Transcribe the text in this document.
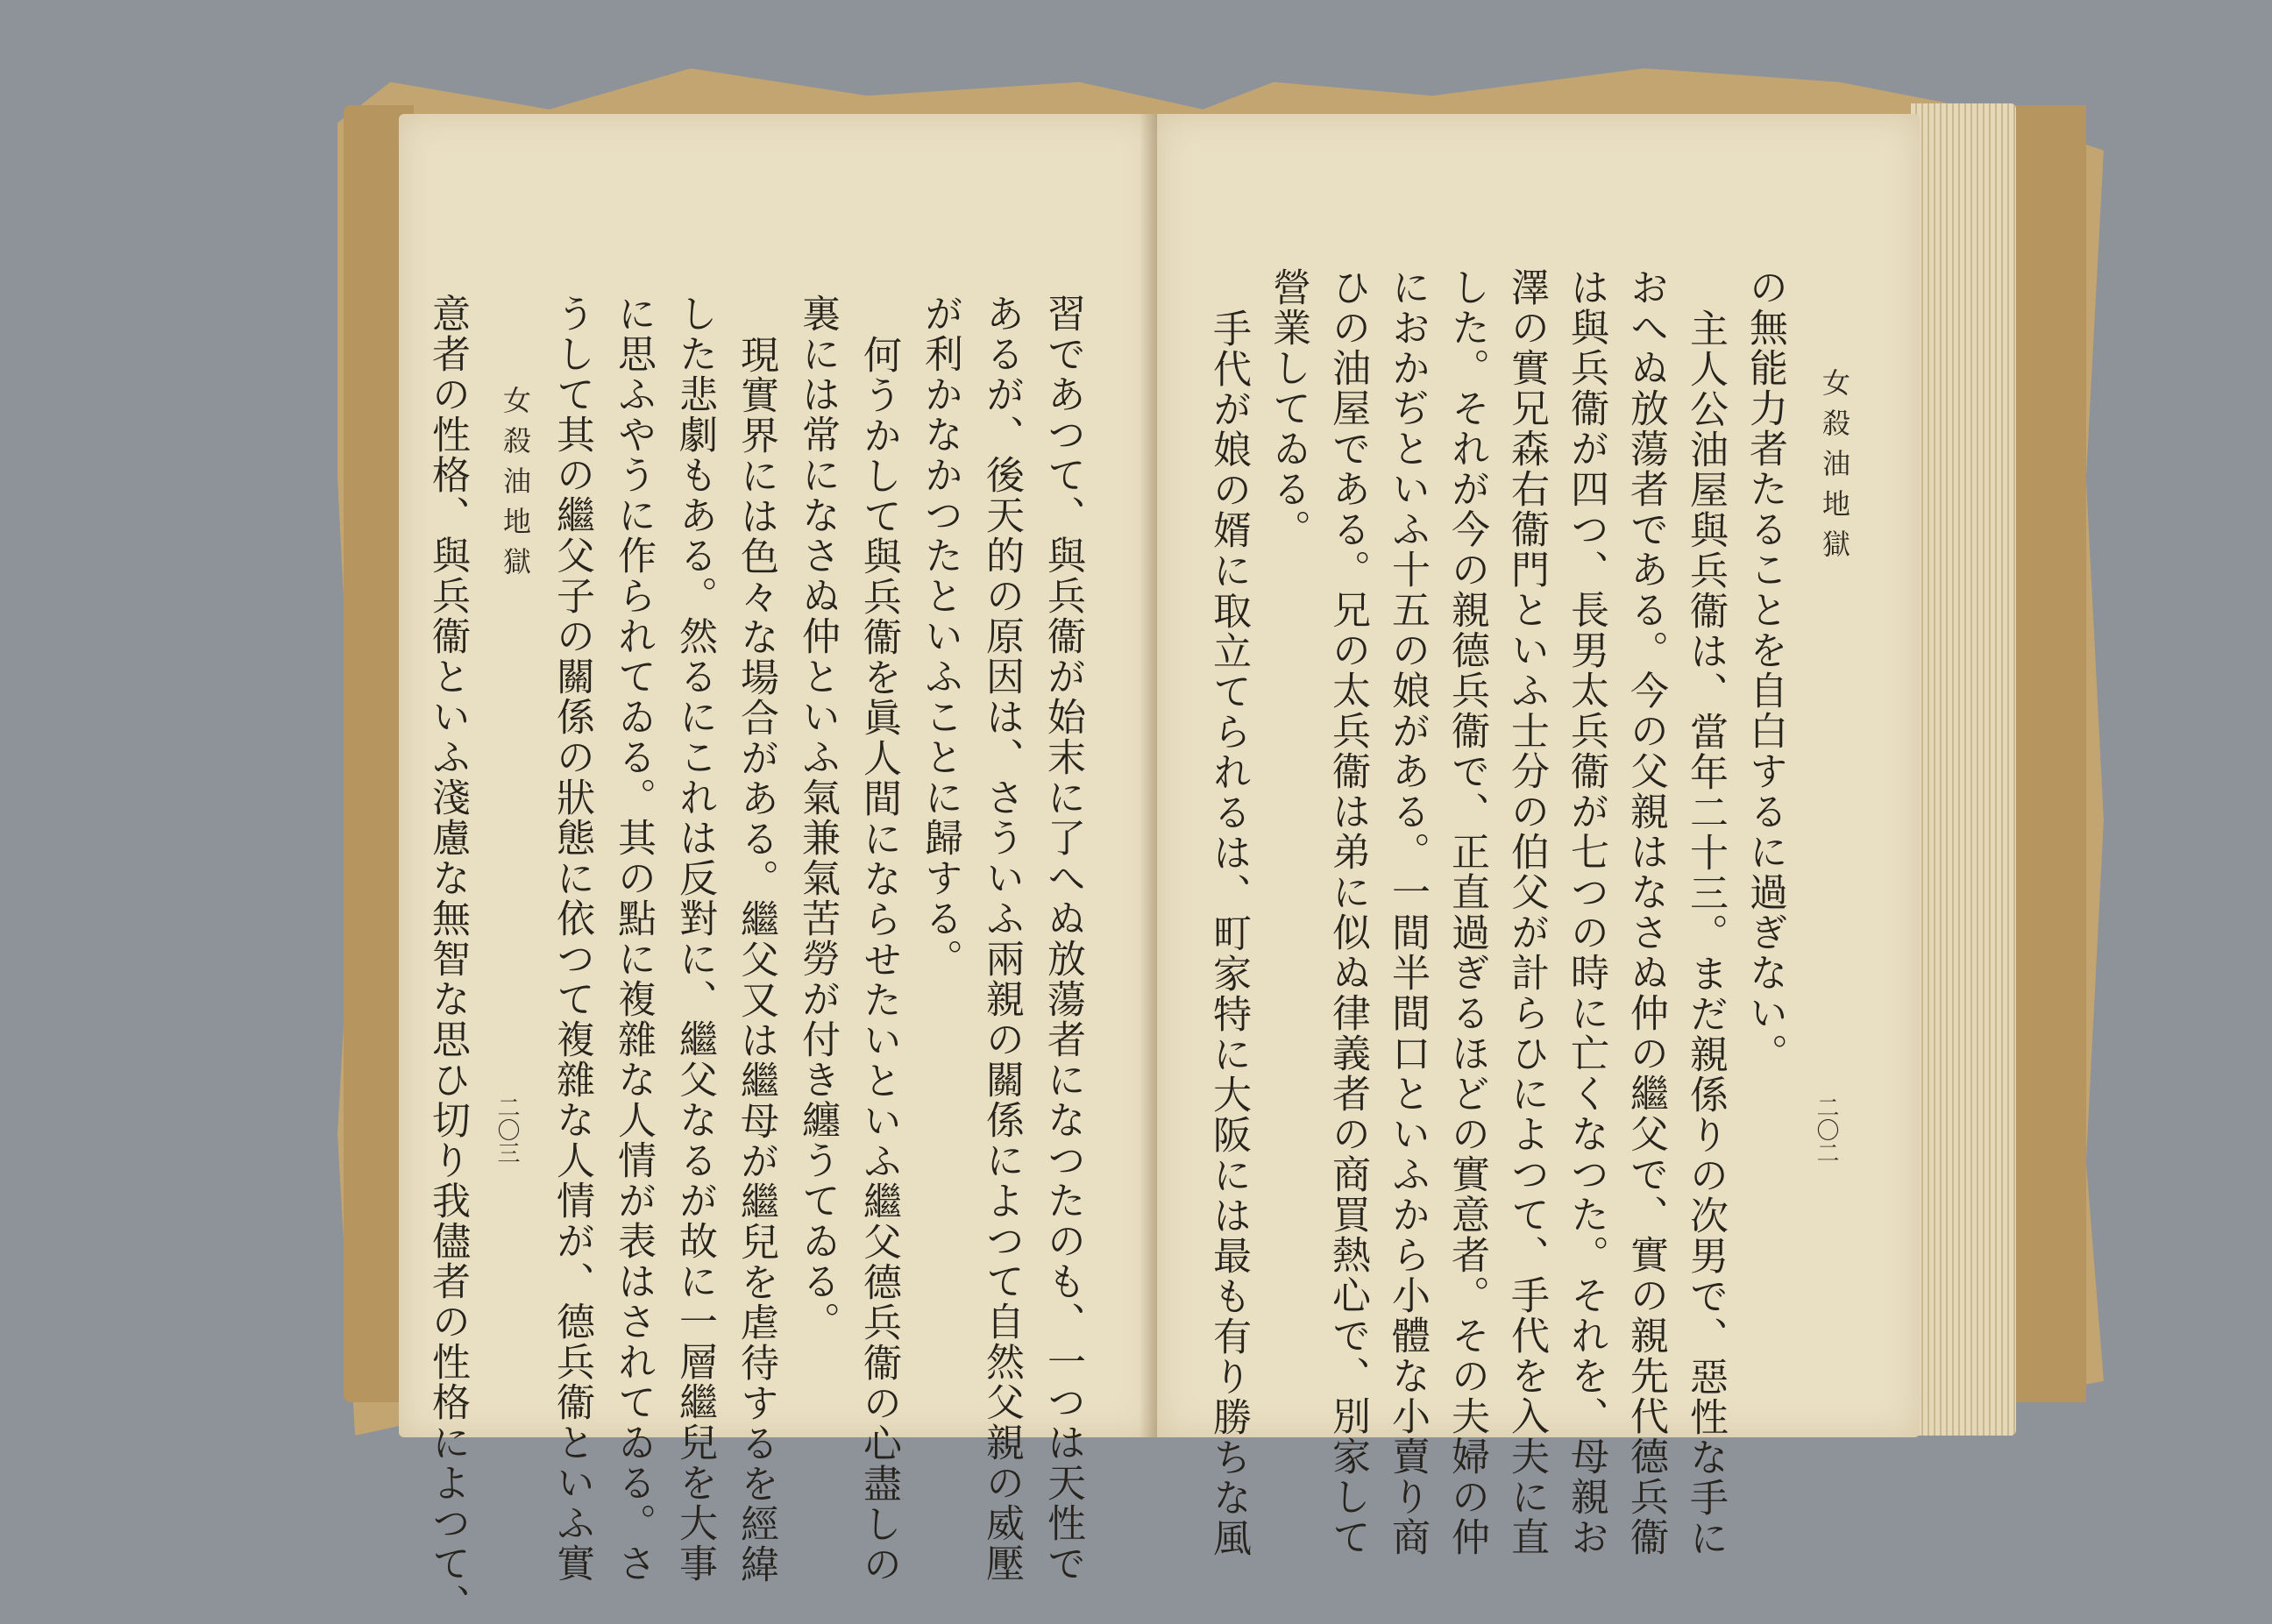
女殺油地獄
二〇三	習であつて、與兵衞が始末に了へぬ放蕩者になつたのも、一つは天性で
あるが、後天的の原因は、さういふ兩親の關係によつて自然父親の威壓
が利かなかつたといふことに歸する。
何うかして與兵衞を眞人間にならせたいといふ繼父德兵衞の心盡しの
裏には常になさぬ仲といふ氣兼氣苦勞が付き纏うてゐる。
現實界には色々な場合がある。繼父又は繼母が繼兒を虐待するを經緯
した悲劇もある。然るにこれは反對に、繼父なるが故に一層繼兒を大事
に思ふやうに作られてゐる。其の點に複雜な人情が表はされてゐる。さ
うして其の繼父子の關係の狀態に依つて複雜な人情が、德兵衞といふ實
意者の性格、與兵衞といふ淺慮な無智な思ひ切り我儘者の性格によつて、	女殺油地獄
二〇二
の無能力者たることを自白するに過ぎない。
主人公油屋與兵衞は、當年二十三。まだ親係りの次男で、惡性な手に
おへぬ放蕩者である。今の父親はなさぬ仲の繼父で、實の親先代德兵衞
は與兵衞が四つ、長男太兵衞が七つの時に亡くなつた。それを、母親お
澤の實兄森右衞門といふ士分の伯父が計らひによつて、手代を入夫に直
した。それが今の親德兵衞で、正直過ぎるほどの實意者。その夫婦の仲
におかぢといふ十五の娘がある。一間半間口といふから小體な小賣り商
ひの油屋である。兄の太兵衞は弟に似ぬ律義者の商買熱心で、別家して
營業してゐる。
手代が娘の婿に取立てられるは、町家特に大阪には最も有り勝ちな風
